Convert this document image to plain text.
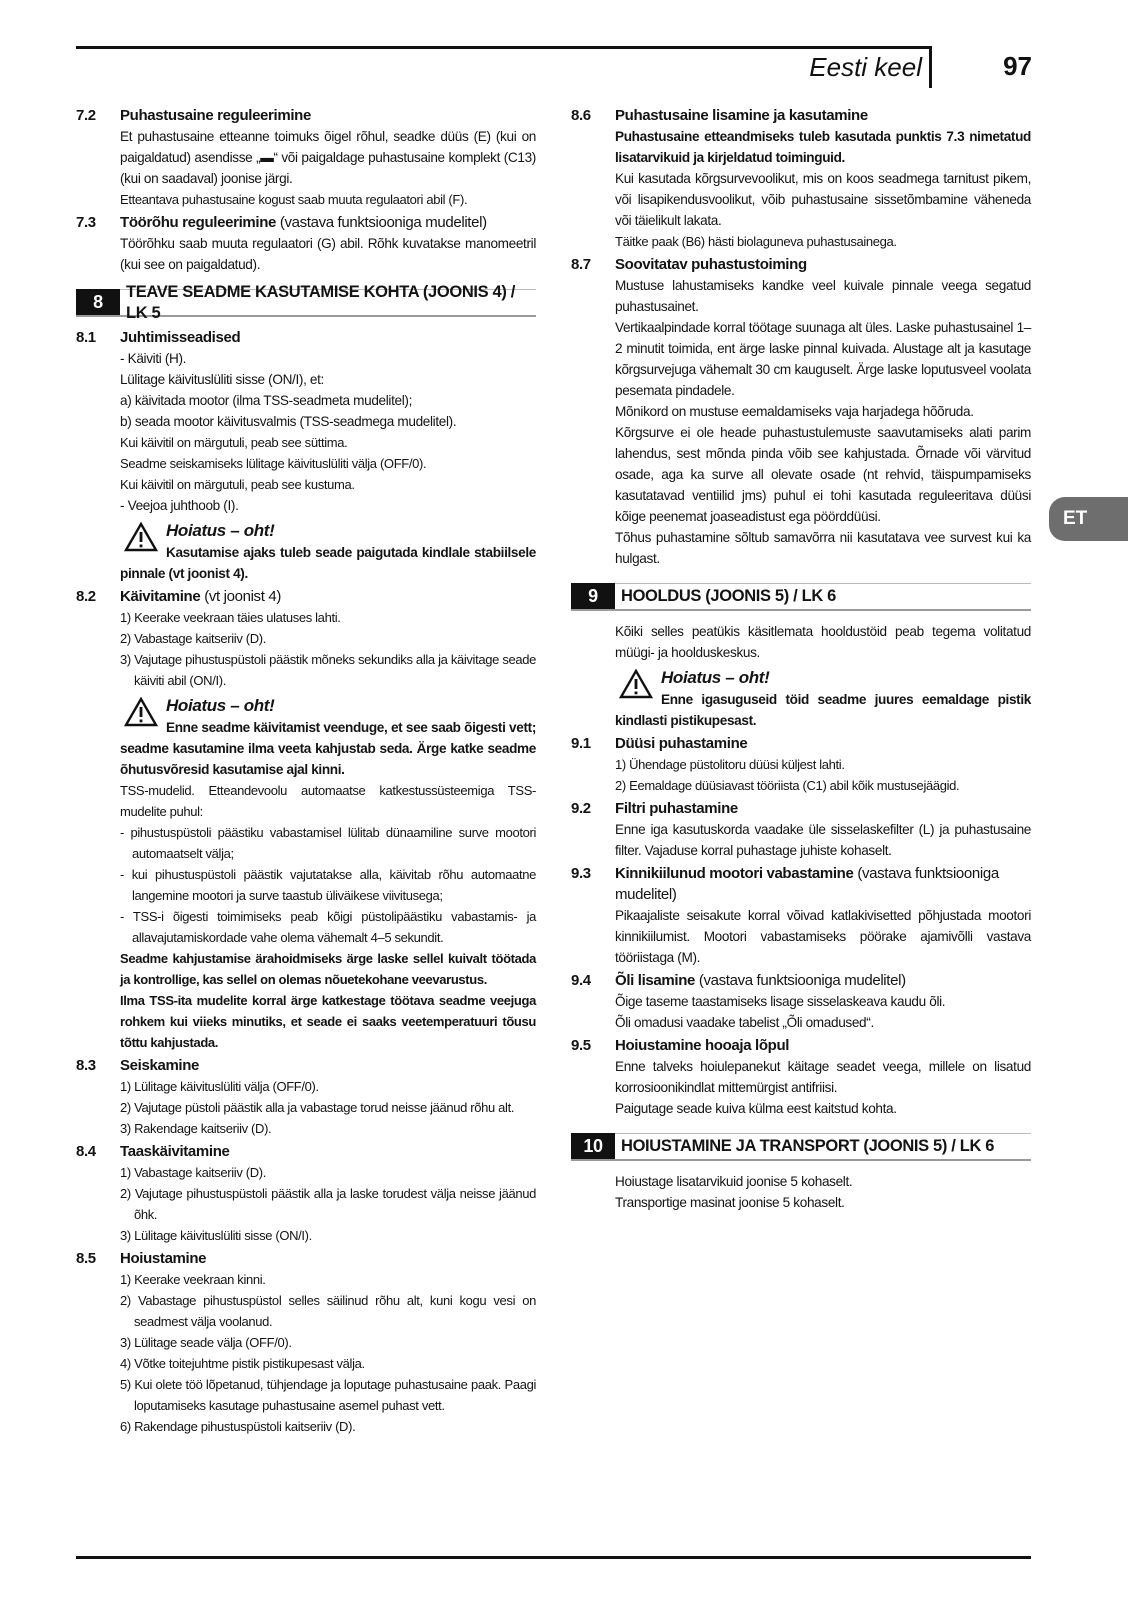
Eesti keel	97
ET
7.2	Puhastusaine reguleerimine

Et puhastusaine etteanne toimuks õigel rõhul, seadke düüs (E) (kui on paigaldatud) asendisse „▬“ või paigaldage puhastusaine komplekt (C13) (kui on saadaval) joonise järgi.

Etteantava puhastusaine kogust saab muuta regulaatori abil (F).

7.3	Töörõhu reguleerimine (vastava funktsiooniga mudelitel)

Töörõhku saab muuta regulaatori (G) abil. Rõhk kuvatakse manomeetril (kui see on paigaldatud).

8	TEAVE SEADME KASUTAMISE KOHTA (JOONIS 4) / LK 5
8.1	Juhtimisseadised
- Käiviti (H).
Lülitage käivituslüliti sisse (ON/I), et:
a) käivitada mootor (ilma TSS-seadmeta mudelitel);
b) seada mootor käivitusvalmis (TSS-seadmega mudelitel).
Kui käivitil on märgutuli, peab see süttima.
Seadme seiskamiseks lülitage käivituslüliti välja (OFF/0).
Kui käivitil on märgutuli, peab see kustuma.
- Veejoa juhthoob (I).
Hoiatus – oht!
Kasutamise ajaks tuleb seade paigutada kindlale stabiilsele pinnale (vt joonist 4).
8.2	Käivitamine (vt joonist 4)
1) Keerake veekraan täies ulatuses lahti.
2) Vabastage kaitseriiv (D).
3) Vajutage pihustuspüstoli päästik mõneks sekundiks alla ja käivitage seade käiviti abil (ON/I).
Hoiatus – oht!
Enne seadme käivitamist veenduge, et see saab õigesti vett; seadme kasutamine ilma veeta kahjustab seda. Ärge katke seadme õhutusvõresid kasutamise ajal kinni.

TSS-mudelid. Etteandevoolu automaatse katkestussüsteemiga TSS-mudelite puhul:

- pihustuspüstoli päästiku vabastamisel lülitab dünaamiline surve mootori automaatselt välja;
- kui pihustuspüstoli päästik vajutatakse alla, käivitab rõhu automaatne langemine mootori ja surve taastub üliväikese viivitusega;
- TSS-i õigesti toimimiseks peab kõigi püstolipäästiku vabastamis- ja allavajutamiskordade vahe olema vähemalt 4–5 sekundit.

Seadme kahjustamise ärahoidmiseks ärge laske sellel kuivalt töötada ja kontrollige, kas sellel on olemas nõuetekohane veevarustus.

Ilma TSS-ita mudelite korral ärge katkestage töötava seadme veejuga rohkem kui viieks minutiks, et seade ei saaks veetemperatuuri tõusu tõttu kahjustada.

8.3	Seiskamine
1) Lülitage käivituslüliti välja (OFF/0).
2) Vajutage püstoli päästik alla ja vabastage torud neisse jäänud rõhu alt.
3) Rakendage kaitseriiv (D).
8.4	Taaskäivitamine
1) Vabastage kaitseriiv (D).
2) Vajutage pihustuspüstoli päästik alla ja laske torudest välja neisse jäänud õhk.
3) Lülitage käivituslüliti sisse (ON/I).
8.5	Hoiustamine
1) Keerake veekraan kinni.
2) Vabastage pihustuspüstol selles säilinud rõhu alt, kuni kogu vesi on seadmest välja voolanud.
3) Lülitage seade välja (OFF/0).
4) Võtke toitejuhtme pistik pistikupesast välja.
5) Kui olete töö lõpetanud, tühjendage ja loputage puhastusaine paak. Paagi loputamiseks kasutage puhastusaine asemel puhast vett.
6) Rakendage pihustuspüstoli kaitseriiv (D).
8.6	Puhastusaine lisamine ja kasutamine

Puhastusaine etteandmiseks tuleb kasutada punktis 7.3 nimetatud lisatarvikuid ja kirjeldatud toiminguid.

Kui kasutada kõrgsurvevoolikut, mis on koos seadmega tarnitust pikem, või lisapikendusvoolikut, võib puhastusaine sissetõmbamine väheneda või täielikult lakata.

Täitke paak (B6) hästi biolaguneva puhastusainega.

8.7	Soovitatav puhastustoiming

Mustuse lahustamiseks kandke veel kuivale pinnale veega segatud puhastusainet.

Vertikaalpindade korral töötage suunaga alt üles. Laske puhastusainel 1–2 minutit toimida, ent ärge laske pinnal kuivada. Alustage alt ja kasutage kõrgsurvejuga vähemalt 30 cm kauguselt. Ärge laske loputusveel voolata pesemata pindadele.

Mõnikord on mustuse eemaldamiseks vaja harjadega hõõruda.

Kõrgsurve ei ole heade puhastustulemuste saavutamiseks alati parim lahendus, sest mõnda pinda võib see kahjustada. Õrnade või värvitud osade, aga ka surve all olevate osade (nt rehvid, täispumpamiseks kasutatavad ventiilid jms) puhul ei tohi kasutada reguleeritava düüsi kõige peenemat joaseadistust ega pöörddüüsi.

Tõhus puhastamine sõltub samavõrra nii kasutatava vee survest kui ka hulgast.

9	HOOLDUS (JOONIS 5) / LK 6

Kõiki selles peatükis käsitlemata hooldustöid peab tegema volitatud müügi- ja hoolduskeskus.

Hoiatus – oht!
Enne igasuguseid töid seadme juures eemaldage pistik kindlasti pistikupesast.
9.1	Düüsi puhastamine
1) Ühendage püstolitoru düüsi küljest lahti.
2) Eemaldage düüsiavast tööriista (C1) abil kõik mustusejäägid.
9.2	Filtri puhastamine

Enne iga kasutuskorda vaadake üle sisselaskefilter (L) ja puhastusaine filter. Vajaduse korral puhastage juhiste kohaselt.

9.3	Kinnikiilunud mootori vabastamine (vastava funktsiooniga mudelitel)

Pikaajaliste seisakute korral võivad katlakivisetted põhjustada mootori kinnikiilumist. Mootori vabastamiseks pöörake ajamivõlli vastava tööriistaga (M).

9.4	Õli lisamine (vastava funktsiooniga mudelitel)
Õige taseme taastamiseks lisage sisselaskeava kaudu õli.
Õli omadusi vaadake tabelist „Õli omadused“.
9.5	Hoiustamine hooaja lõpul

Enne talveks hoiulepanekut käitage seadet veega, millele on lisatud korrosioonikindlat mittemürgist antifriisi.

Paigutage seade kuiva külma eest kaitstud kohta.

10	HOIUSTAMINE JA TRANSPORT (JOONIS 5) / LK 6
Hoiustage lisatarvikuid joonise 5 kohaselt.
Transportige masinat joonise 5 kohaselt.
